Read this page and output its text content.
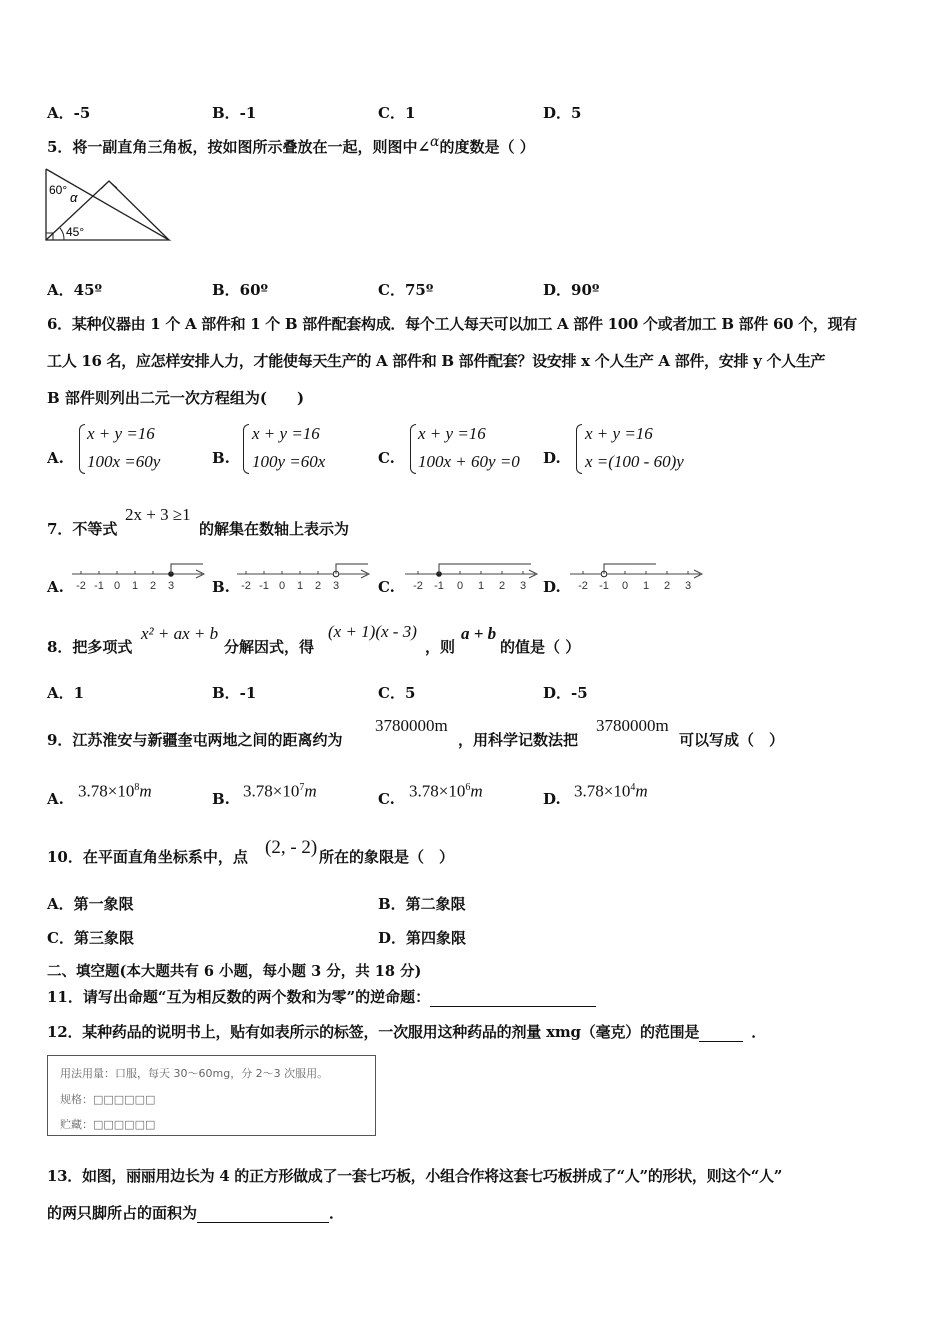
A．-5	B．-1	C．1	D．5
5．将一副直角三角板，按如图所示叠放在一起，则图中∠α的度数是（ ）
60° α
45°
A．45º	B．60º	C．75º	D．90º
6．某种仪器由 1 个 A 部件和 1 个 B 部件配套构成．每个工人每天可以加工 A 部件 100 个或者加工 B 部件 60 个，现有
工人 16 名，应怎样安排人力，才能使每天生产的 A 部件和 B 部件配套？设安排 x 个人生产 A 部件，安排 y 个人生产
B 部件则列出二元一次方程组为(　　)
A.
x + y =16
100x =60y	B.
x + y =16
100y =60x	C.
x + y =16
100x + 60y =0 D.
x + y =16
x =(100 - 60)y
7．不等式
2x + 3 ≥1
的解集在数轴上表示为
A.	B.	C.	D.
-2 -1 0 1 2 3	-2 -1 0 1 2 3	-2 -1 0 1 2 3	-2 -1 0 1 2 3
8．把多项式
x² + ax + b
分解因式，得
(x + 1)(x - 3)
，则
a + b
的值是（ ）
A．1	B．-1	C．5	D．-5
9．江苏淮安与新疆奎屯两地之间的距离约为
3780000m
，用科学记数法把
3780000m
可以写成（　）
A. $3.78\times 10^8m$	B. $3.78\times 10^7m$	C. $3.78\times 10^6m$	D. $3.78\times 10^4m$
10．在平面直角坐标系中，点 (2, - 2) 所在的象限是（　）
A．第一象限	B．第二象限
C．第三象限	D．第四象限
二、填空题(本大题共有 6 小题，每小题 3 分，共 18 分)
11．请写出命题“互为相反数的两个数和为零”的逆命题：
12．某种药品的说明书上，贴有如表所示的标签，一次服用这种药品的剂量 xmg（毫克）的范围是	．
用法用量：口服，每天 30～60mg，分 2～3 次服用。
规格：□□□□□□
贮藏：□□□□□□
13．如图，丽丽用边长为 4 的正方形做成了一套七巧板，小组合作将这套七巧板拼成了“人”的形状，则这个“人”
的两只脚所占的面积为	．
